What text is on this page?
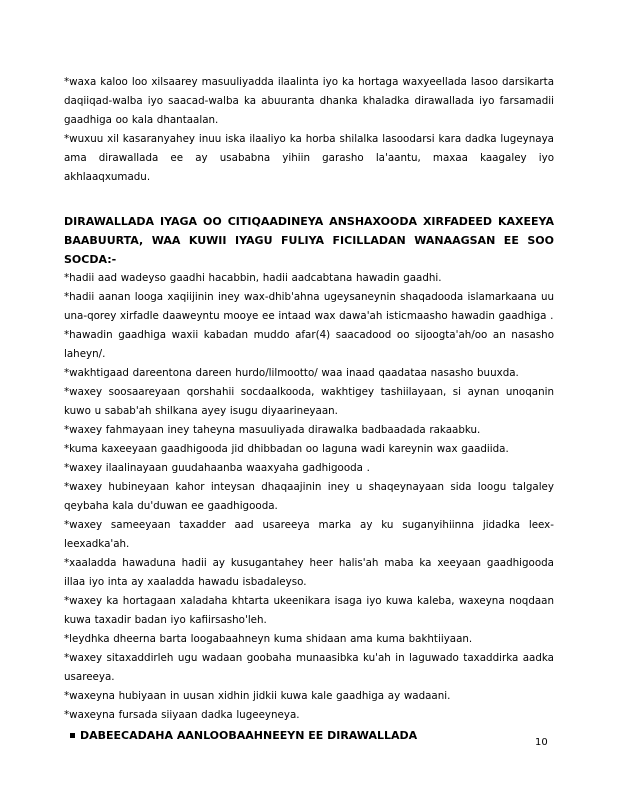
*waxa kaloo loo xilsaarey masuuliyadda ilaalinta iyo ka hortaga waxyeellada lasoo darsikarta daqiiqad-walba iyo saacad-walba ka abuuranta dhanka khaladka dirawallada iyo farsamadii gaadhiga oo kala dhantaalan.

*wuxuu xil kasaranyahey inuu iska ilaaliyo ka horba shilalka lasoodarsi kara dadka lugeynaya ama dirawallada ee ay usababna yihiin garasho la'aantu, maxaa kaagaley iyo akhlaaqxumadu.

DIRAWALLADA IYAGA OO CITIQAADINEYA ANSHAXOODA XIRFADEED KAXEEYA BAABUURTA, WAA KUWII IYAGU FULIYA FICILLADAN WANAAGSAN EE SOO SOCDA:-

*hadii aad wadeyso gaadhi hacabbin, hadii aadcabtana hawadin gaadhi.

*hadii aanan looga xaqiijinin iney wax-dhib'ahna ugeysaneynin shaqadooda islamarkaana uu una-qorey xirfadle daaweyntu mooye ee intaad wax dawa'ah isticmaasho hawadin gaadhiga .

*hawadin gaadhiga waxii kabadan muddo afar(4) saacadood oo sijoogta'ah/oo an nasasho laheyn/.

*wakhtigaad dareentona dareen hurdo/lilmootto/ waa inaad qaadataa nasasho buuxda.

*waxey soosaareyaan qorshahii socdaalkooda, wakhtigey tashiilayaan, si aynan unoqanin kuwo u sabab'ah shilkana ayey isugu diyaarineyaan.

*waxey fahmayaan iney taheyna masuuliyada dirawalka badbaadada rakaabku.

*kuma kaxeeyaan gaadhigooda jid dhibbadan oo laguna wadi kareynin wax gaadiida.

*waxey ilaalinayaan guudahaanba waaxyaha gadhigooda .

*waxey hubineyaan kahor inteysan dhaqaajinin iney u shaqeynayaan sida loogu talgaley qeybaha kala du'duwan ee gaadhigooda.

*waxey sameeyaan taxadder aad usareeya marka ay ku suganyihiinna jidadka leex-leexadka'ah.

*xaaladda hawaduna hadii ay kusugantahey heer halis'ah maba ka xeeyaan gaadhigooda illaa iyo inta ay xaaladda hawadu isbadaleyso.

*waxey ka hortagaan xaladaha khtarta ukeenikara isaga iyo kuwa kaleba, waxeyna noqdaan kuwa taxadir badan iyo kafiirsasho'leh.

*leydhka dheerna barta loogabaahneyn kuma shidaan ama kuma bakhtiiyaan.

*waxey sitaxaddirleh ugu wadaan goobaha munaasibka ku'ah in laguwado taxaddirka aadka usareeya.

*waxeyna hubiyaan in uusan xidhin jidkii kuwa kale gaadhiga ay wadaani.

*waxeyna fursada siiyaan dadka lugeeyneya.

DABEECADAHA AANLOOBAAHNEEYN EE DIRAWALLADA
10
